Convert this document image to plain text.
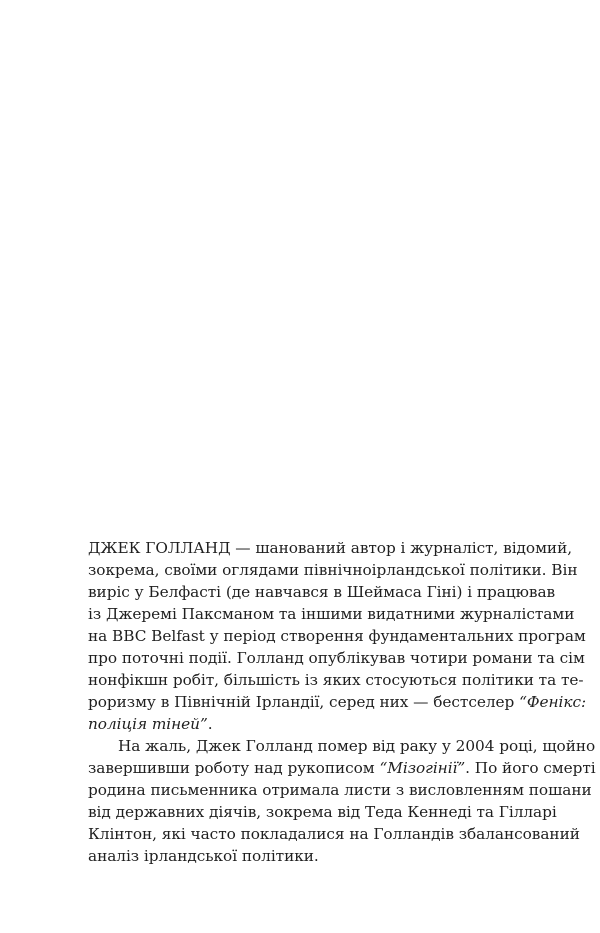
ДЖЕК ГОЛЛАНД — шанований автор і журналіст, відомий,
зокрема, своїми оглядами північноірландської політики. Він
виріс у Белфасті (де навчався в Шеймаса Гіні) і працював
із Джеремі Паксманом та іншими видатними журналістами
на BBC Belfast у період створення фундаментальних програм
про поточні події. Голланд опублікував чотири романи та сім
нонфікшн робіт, більшість із яких стосуються політики та те-
роризму в Північній Ірландії, серед них — бестселер “Фенікс:
поліція тіней”.
На жаль, Джек Голланд помер від раку у 2004 році, щойно
завершивши роботу над рукописом “Мізогінії”. По його смерті
родина письменника отримала листи з висловленням пошани
від державних діячів, зокрема від Теда Кеннеді та Гілларі
Клінтон, які часто покладалися на Голландів збалансований
аналіз ірландської політики.
